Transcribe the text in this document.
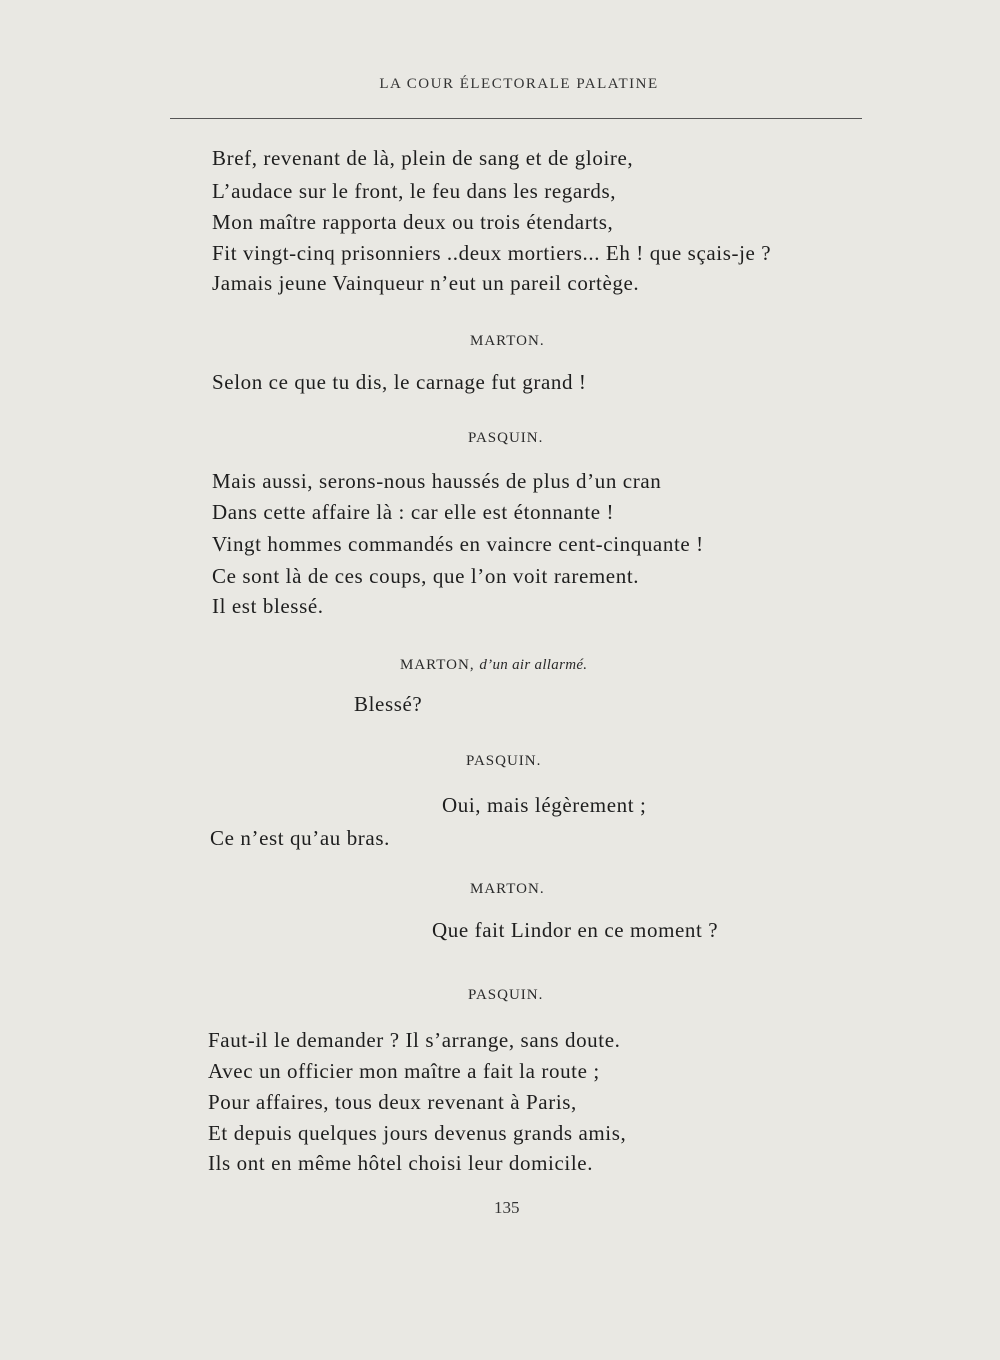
LA COUR ÉLECTORALE PALATINE
Bref, revenant de là, plein de sang et de gloire,
L’audace sur le front, le feu dans les regards,
Mon maître rapporta deux ou trois étendarts,
Fit vingt-cinq prisonniers ..deux mortiers... Eh ! que sçais-je ?
Jamais jeune Vainqueur n’eut un pareil cortège.
MARTON.
Selon ce que tu dis, le carnage fut grand !
PASQUIN.
Mais aussi, serons-nous haussés de plus d’un cran
Dans cette affaire là : car elle est étonnante !
Vingt hommes commandés en vaincre cent-cinquante !
Ce sont là de ces coups, que l’on voit rarement.
Il est blessé.
MARTON, d’un air allarmé.
Blessé?
PASQUIN.
Oui, mais légèrement ;
Ce n’est qu’au bras.
MARTON.
Que fait Lindor en ce moment ?
PASQUIN.
Faut-il le demander ? Il s’arrange, sans doute.
Avec un officier mon maître a fait la route ;
Pour affaires, tous deux revenant à Paris,
Et depuis quelques jours devenus grands amis,
Ils ont en même hôtel choisi leur domicile.
135
